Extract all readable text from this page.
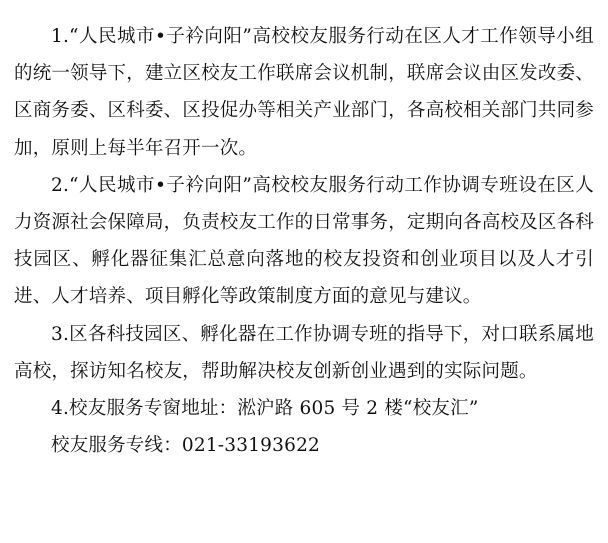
1.“人民城市•子衿向阳”高校校友服务行动在区人才工作领导小组的统一领导下，建立区校友工作联席会议机制，联席会议由区发改委、区商务委、区科委、区投促办等相关产业部门，各高校相关部门共同参加，原则上每半年召开一次。

2.“人民城市•子衿向阳”高校校友服务行动工作协调专班设在区人力资源社会保障局，负责校友工作的日常事务，定期向各高校及区各科技园区、孵化器征集汇总意向落地的校友投资和创业项目以及人才引进、人才培养、项目孵化等政策制度方面的意见与建议。

3.区各科技园区、孵化器在工作协调专班的指导下，对口联系属地高校，探访知名校友，帮助解决校友创新创业遇到的实际问题。

4.校友服务专窗地址：淞沪路 605 号 2 楼“校友汇”

校友服务专线：021-33193622
